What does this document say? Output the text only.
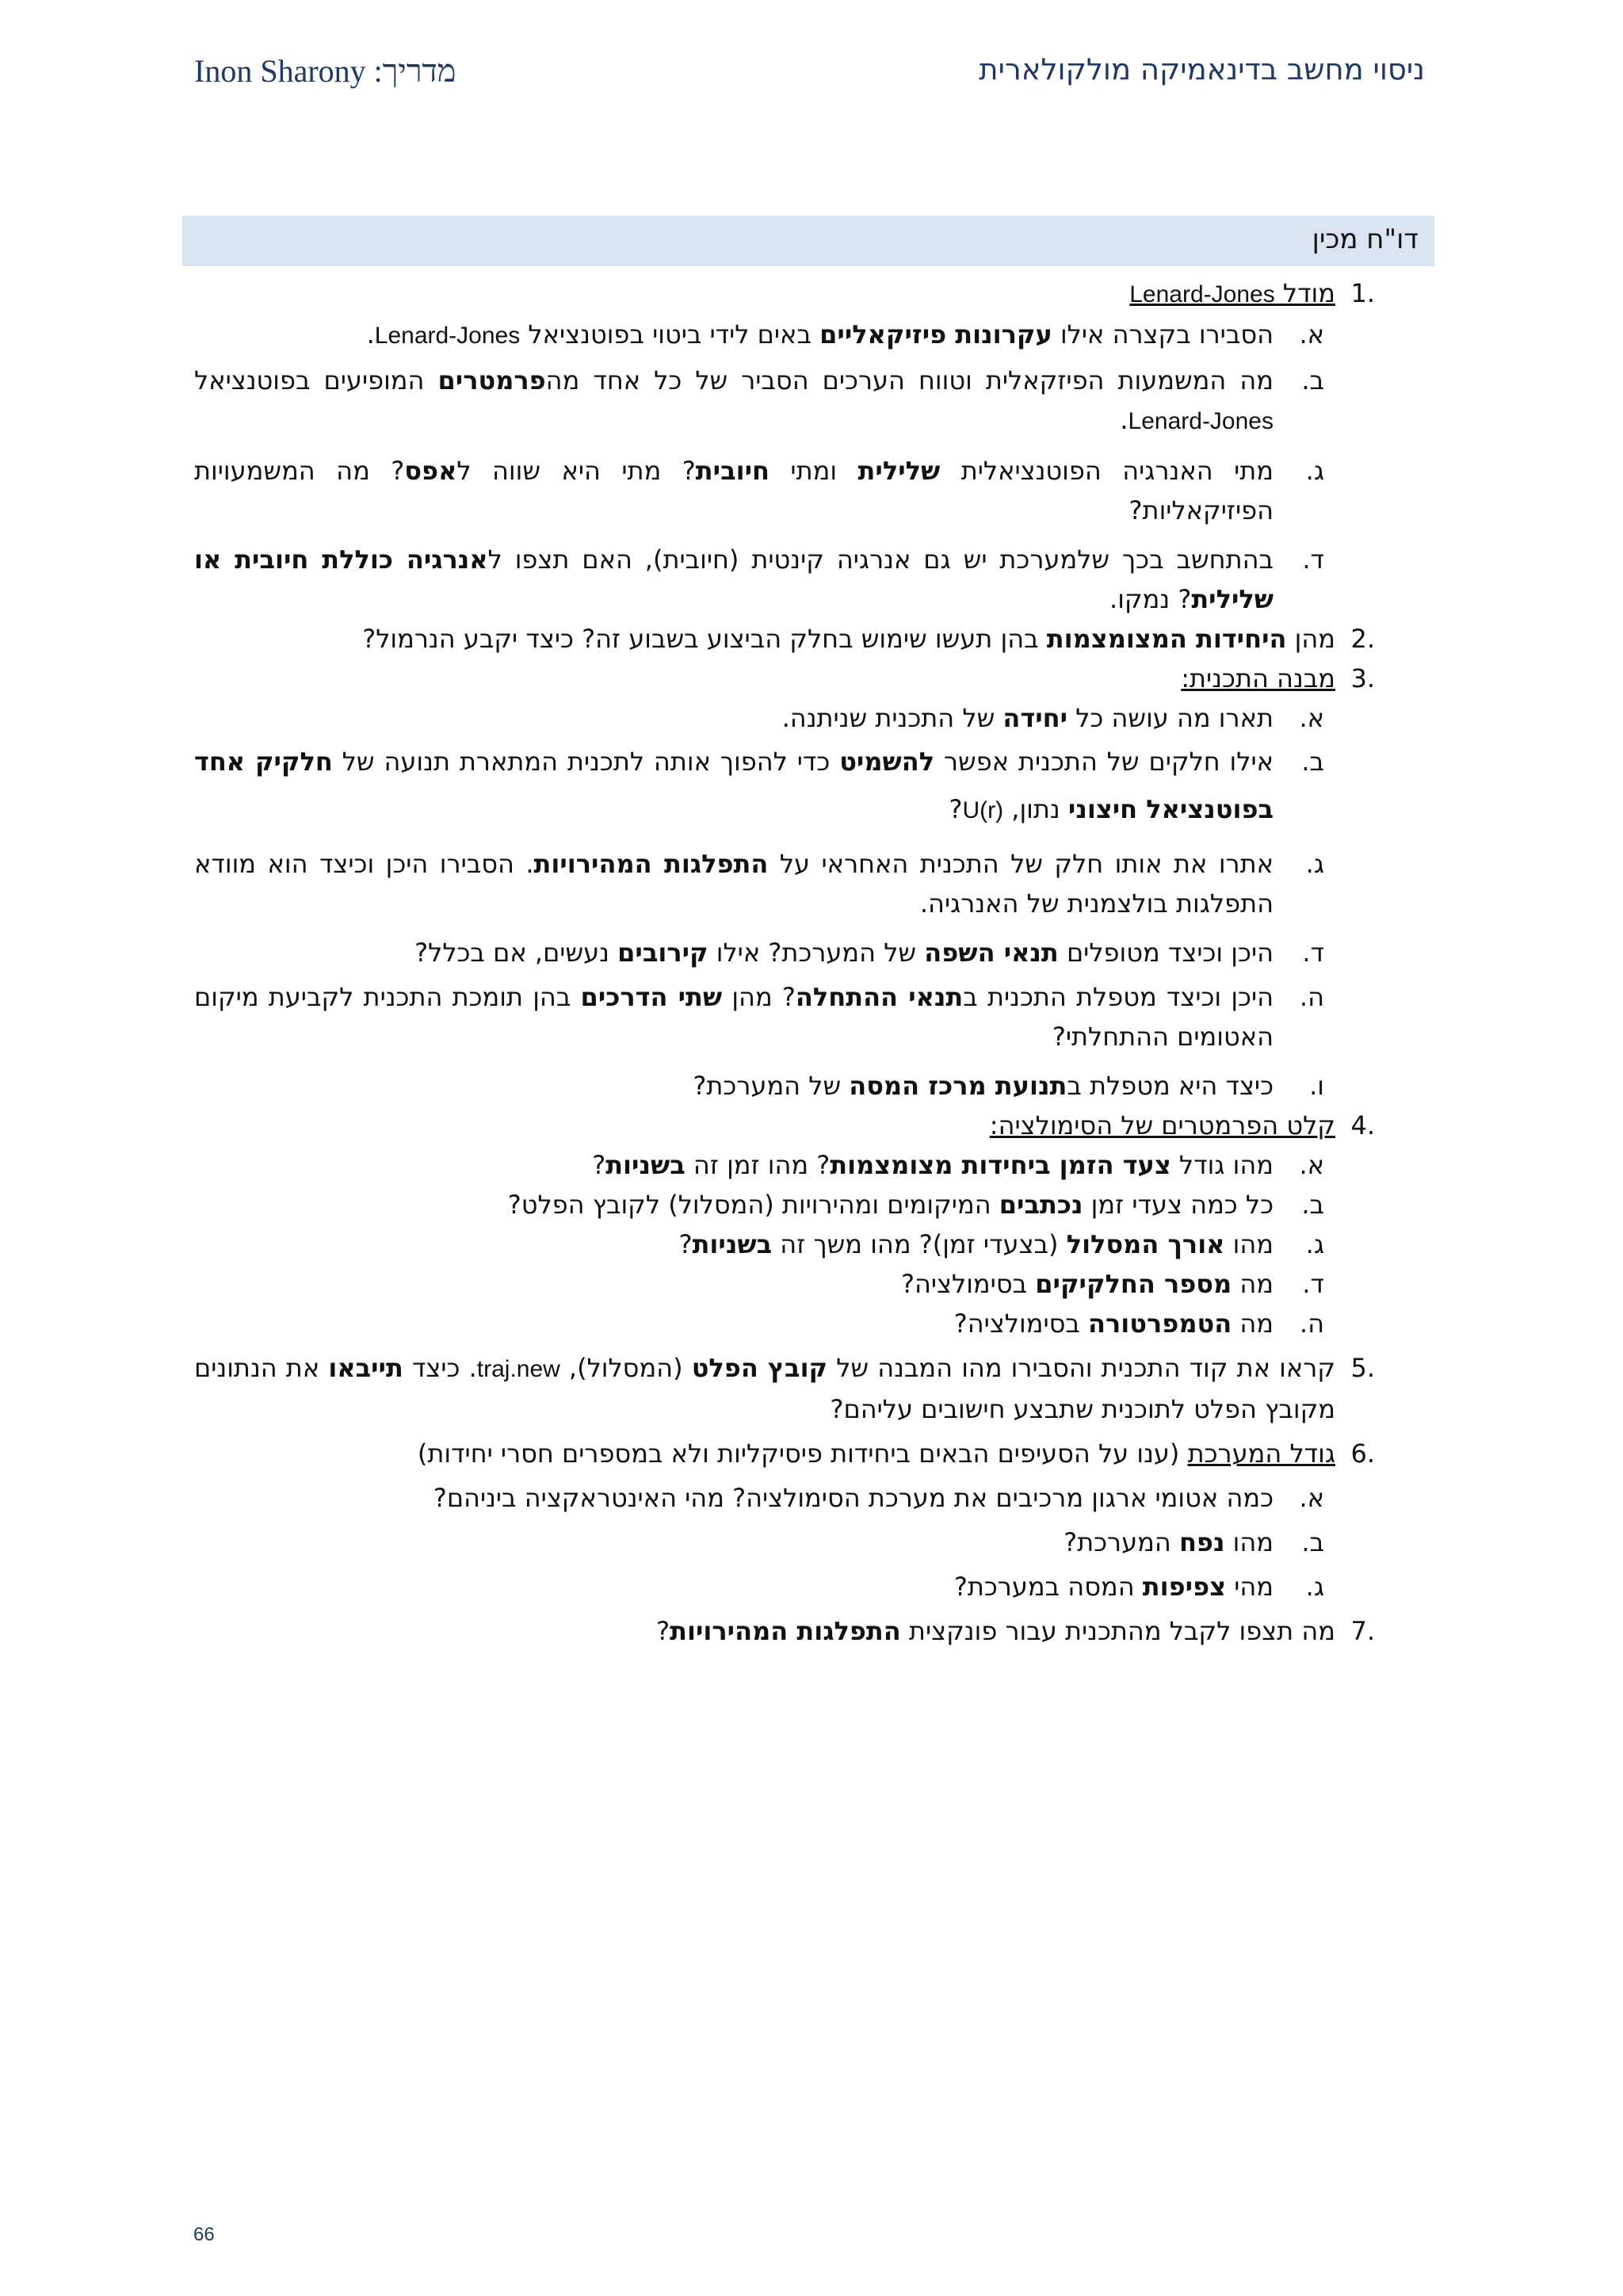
מדריך: Inon Sharony	ניסוי מחשב בדינאמיקה מולקולארית
דו"ח מכין
1.
מודל Lenard-Jones
א.
הסבירו בקצרה אילו עקרונות פיזיקאליים באים לידי ביטוי בפוטנציאל Lenard-Jones.
ב.
מה המשמעות הפיזקאלית וטווח הערכים הסביר של כל אחד מהפרמטרים המופיעים בפוטנציאל Lenard-Jones.
ג.
מתי האנרגיה הפוטנציאלית שלילית ומתי חיובית? מתי היא שווה לאפס? מה המשמעויות הפיזיקאליות?
ד.
בהתחשב בכך שלמערכת יש גם אנרגיה קינטית (חיובית), האם תצפו לאנרגיה כוללת חיובית או שלילית? נמקו.
2.
מהן היחידות המצומצמות בהן תעשו שימוש בחלק הביצוע בשבוע זה? כיצד יקבע הנרמול?
3.
מבנה התכנית:
א.
תארו מה עושה כל יחידה של התכנית שניתנה.
ב.
אילו חלקים של התכנית אפשר להשמיט כדי להפוך אותה לתכנית המתארת תנועה של חלקיק אחד בפוטנציאל חיצוני נתון, U(r)?
ג.
אתרו את אותו חלק של התכנית האחראי על התפלגות המהירויות. הסבירו היכן וכיצד הוא מוודא התפלגות בולצמנית של האנרגיה.
ד.
היכן וכיצד מטופלים תנאי השפה של המערכת? אילו קירובים נעשים, אם בכלל?
ה.
היכן וכיצד מטפלת התכנית בתנאי ההתחלה? מהן שתי הדרכים בהן תומכת התכנית לקביעת מיקום האטומים ההתחלתי?
ו.
כיצד היא מטפלת בתנועת מרכז המסה של המערכת?
4.
קלט הפרמטרים של הסימולציה:
א.
מהו גודל צעד הזמן ביחידות מצומצמות? מהו זמן זה בשניות?
ב.
כל כמה צעדי זמן נכתבים המיקומים ומהירויות (המסלול) לקובץ הפלט?
ג.
מהו אורך המסלול (בצעדי זמן)? מהו משך זה בשניות?
ד.
מה מספר החלקיקים בסימולציה?
ה.
מה הטמפרטורה בסימולציה?
5.
קראו את קוד התכנית והסבירו מהו המבנה של קובץ הפלט (המסלול), traj.new. כיצד תייבאו את הנתונים מקובץ הפלט לתוכנית שתבצע חישובים עליהם?
6.
גודל המערכת (ענו על הסעיפים הבאים ביחידות פיסיקליות ולא במספרים חסרי יחידות)
א.
כמה אטומי ארגון מרכיבים את מערכת הסימולציה? מהי האינטראקציה ביניהם?
ב.
מהו נפח המערכת?
ג.
מהי צפיפות המסה במערכת?
7.
מה תצפו לקבל מהתכנית עבור פונקצית התפלגות המהירויות?
66
